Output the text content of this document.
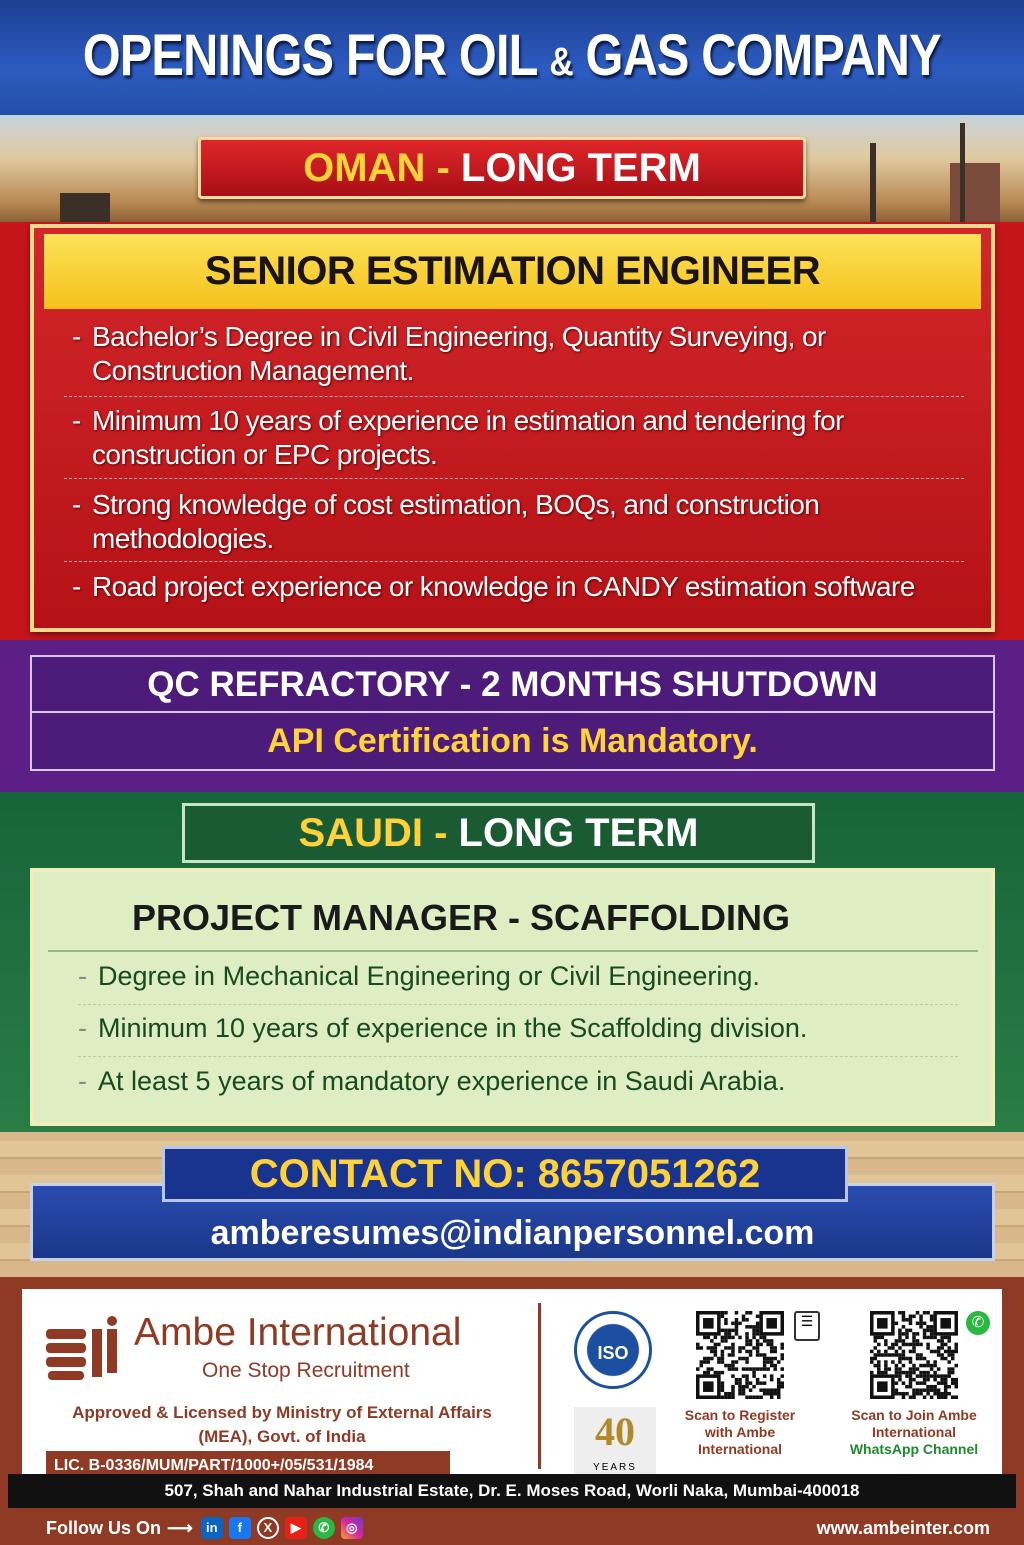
OPENINGS FOR OIL & GAS COMPANY
OMAN - LONG TERM
SENIOR ESTIMATION ENGINEER
- Bachelor’s Degree in Civil Engineering, Quantity Surveying, or Construction Management.
- Minimum 10 years of experience in estimation and tendering for construction or EPC projects.
- Strong knowledge of cost estimation, BOQs, and construction methodologies.
- Road project experience or knowledge in CANDY estimation software
QC REFRACTORY - 2 MONTHS SHUTDOWN
API Certification is Mandatory.
SAUDI - LONG TERM
PROJECT MANAGER - SCAFFOLDING
- Degree in Mechanical Engineering or Civil Engineering.
- Minimum 10 years of experience in the Scaffolding division.
- At least 5 years of mandatory experience in Saudi Arabia.
CONTACT NO: 8657051262
amberesumes@indianpersonnel.com
Ambe International
One Stop Recruitment
Approved & Licensed by Ministry of External Affairs (MEA), Govt. of India
LIC. B-0336/MUM/PART/1000+/05/531/1984
ISO
40
YEARS
☰
Scan to Register with Ambe International
✆
Scan to Join Ambe International
WhatsApp Channel
507, Shah and Nahar Industrial Estate, Dr. E. Moses Road, Worli Naka, Mumbai-400018
Follow Us On ⟶	in	f	X	▶	✆	◎	www.ambeinter.com
